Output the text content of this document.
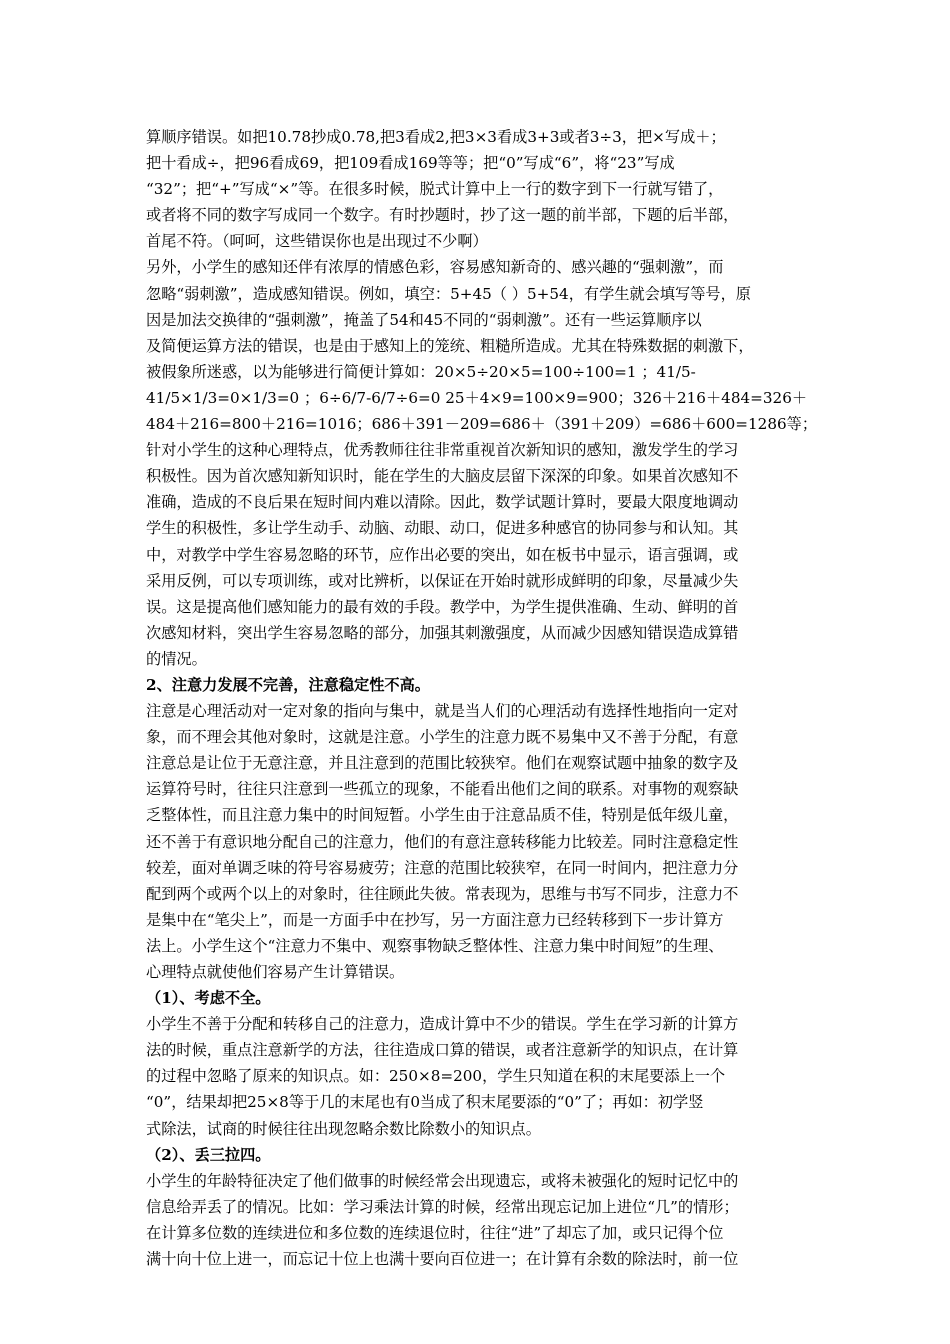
算顺序错误。如把10.78抄成0.78,把3看成2,把3×3看成3+3或者3÷3，把×写成＋；
把十看成÷，把96看成69，把109看成169等等；把“0”写成“6”，将“23”写成
“32”；把“+”写成“×”等。在很多时候，脱式计算中上一行的数字到下一行就写错了，
或者将不同的数字写成同一个数字。有时抄题时，抄了这一题的前半部，下题的后半部，
首尾不符。（呵呵，这些错误你也是出现过不少啊）
另外，小学生的感知还伴有浓厚的情感色彩，容易感知新奇的、感兴趣的“强刺激”，而
忽略“弱刺激”，造成感知错误。例如，填空：5+45（ ）5+54，有学生就会填写等号，原
因是加法交换律的“强刺激”，掩盖了54和45不同的“弱刺激”。还有一些运算顺序以
及简便运算方法的错误，也是由于感知上的笼统、粗糙所造成。尤其在特殊数据的刺激下，
被假象所迷惑，以为能够进行简便计算如：20×5÷20×5=100÷100=1 ；41/5-
41/5×1/3=0×1/3=0 ；6÷6/7-6/7÷6=0 25＋4×9=100×9=900；326＋216＋484=326＋
484＋216=800＋216=1016；686＋391－209=686＋（391＋209）=686＋600=1286等；
针对小学生的这种心理特点，优秀教师往往非常重视首次新知识的感知，激发学生的学习
积极性。因为首次感知新知识时，能在学生的大脑皮层留下深深的印象。如果首次感知不
准确，造成的不良后果在短时间内难以清除。因此，数学试题计算时，要最大限度地调动
学生的积极性，多让学生动手、动脑、动眼、动口，促进多种感官的协同参与和认知。其
中，对教学中学生容易忽略的环节，应作出必要的突出，如在板书中显示，语言强调，或
采用反例，可以专项训练，或对比辨析，以保证在开始时就形成鲜明的印象，尽量减少失
误。这是提高他们感知能力的最有效的手段。教学中，为学生提供准确、生动、鲜明的首
次感知材料，突出学生容易忽略的部分，加强其刺激强度，从而减少因感知错误造成算错
的情况。
2、注意力发展不完善，注意稳定性不高。
注意是心理活动对一定对象的指向与集中，就是当人们的心理活动有选择性地指向一定对
象，而不理会其他对象时，这就是注意。小学生的注意力既不易集中又不善于分配，有意
注意总是让位于无意注意，并且注意到的范围比较狭窄。他们在观察试题中抽象的数字及
运算符号时，往往只注意到一些孤立的现象，不能看出他们之间的联系。对事物的观察缺
乏整体性，而且注意力集中的时间短暂。小学生由于注意品质不佳，特别是低年级儿童，
还不善于有意识地分配自己的注意力，他们的有意注意转移能力比较差。同时注意稳定性
较差，面对单调乏味的符号容易疲劳；注意的范围比较狭窄，在同一时间内，把注意力分
配到两个或两个以上的对象时，往往顾此失彼。常表现为，思维与书写不同步，注意力不
是集中在“笔尖上”，而是一方面手中在抄写，另一方面注意力已经转移到下一步计算方
法上。小学生这个“注意力不集中、观察事物缺乏整体性、注意力集中时间短”的生理、
心理特点就使他们容易产生计算错误。
（1）、考虑不全。
小学生不善于分配和转移自己的注意力，造成计算中不少的错误。学生在学习新的计算方
法的时候，重点注意新学的方法，往往造成口算的错误，或者注意新学的知识点，在计算
的过程中忽略了原来的知识点。如：250×8=200，学生只知道在积的末尾要添上一个
“0”，结果却把25×8等于几的末尾也有0当成了积末尾要添的“0”了；再如：初学竖
式除法，试商的时候往往出现忽略余数比除数小的知识点。
（2）、丢三拉四。
小学生的年龄特征决定了他们做事的时候经常会出现遗忘，或将未被强化的短时记忆中的
信息给弄丢了的情况。比如：学习乘法计算的时候，经常出现忘记加上进位“几”的情形；
在计算多位数的连续进位和多位数的连续退位时，往往“进”了却忘了加，或只记得个位
满十向十位上进一，而忘记十位上也满十要向百位进一；在计算有余数的除法时，前一位
